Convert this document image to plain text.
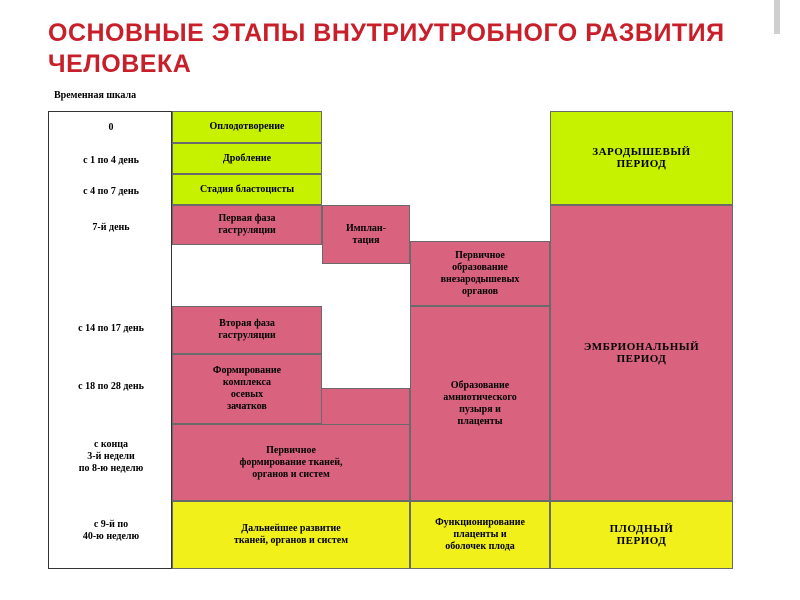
ОСНОВНЫЕ ЭТАПЫ ВНУТРИУТРОБНОГО РАЗВИТИЯ ЧЕЛОВЕКА
Временная шкала
0
с 1 по 4 день
с 4 по 7 день
7-й день
с 14 по 17 день
с 18 по 28 день
с конца
3-й недели
по 8-ю неделю
с 9-й по
40-ю неделю
Оплодотворение
Дробление
Стадия бластоцисты
Первая фаза
гаструляции	Имплан-
тация
Первичное
образование
внезародышевых
органов
Вторая фаза
гаструляции
Формирование
комплекса
осевых
зачатков
Первичное
формирование тканей,
органов и систем
Образование
амниотического
пузыря и
плаценты
Дальнейшее развитие
тканей, органов и систем
Функционирование
плаценты и
оболочек плода
ЗАРОДЫШЕВЫЙ
ПЕРИОД
ЭМБРИОНАЛЬНЫЙ
ПЕРИОД
ПЛОДНЫЙ
ПЕРИОД
